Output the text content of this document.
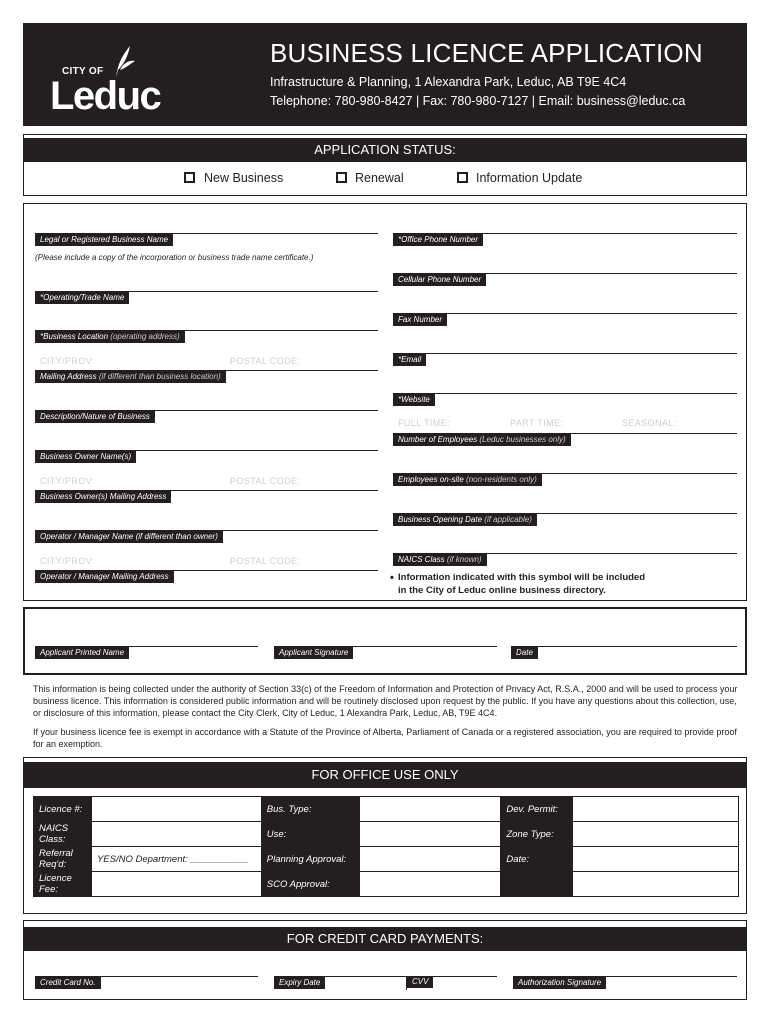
CITY OF
Leduc
BUSINESS LICENCE APPLICATION
Infrastructure & Planning, 1 Alexandra Park, Leduc, AB T9E 4C4
Telephone: 780-980-8427 | Fax: 780-980-7127 | Email: business@leduc.ca
APPLICATION STATUS:
New Business	Renewal	Information Update
Legal or Registered Business Name
(Please include a copy of the incorporation or business trade name certificate.)
*Operating/Trade Name
*Business Location (operating address)
CITY/PROV:	POSTAL CODE:
Mailing Address (if different than business location)
Description/Nature of Business
Business Owner Name(s)
CITY/PROV:	POSTAL CODE:
Business Owner(s) Mailing Address
Operator / Manager Name (if different than owner)
CITY/PROV:	POSTAL CODE:
Operator / Manager Mailing Address
*Office Phone Number
Cellular Phone Number
Fax Number
*Email
*Website
FULL TIME:	PART TIME:	SEASONAL:
Number of Employees (Leduc businesses only)
Employees on-site (non-residents only)
Business Opening Date (if applicable)
NAICS Class (if known)
• Information indicated with this symbol will be included
in the City of Leduc online business directory.
Applicant Printed Name	Applicant Signature	Date
This information is being collected under the authority of Section 33(c) of the Freedom of Information and Protection of Privacy Act, R.S.A., 2000 and will be used to process your business licence. This information is considered public information and will be routinely disclosed upon request by the public. If you have any questions about this collection, use, or disclosure of this information, please contact the City Clerk, City of Leduc, 1 Alexandra Park, Leduc, AB, T9E 4C4.
If your business licence fee is exempt in accordance with a Statute of the Province of Alberta, Parliament of Canada or a registered association, you are required to provide proof for an exemption.
FOR OFFICE USE ONLY
Licence #:		Bus. Type:		Dev. Permit:	
NAICS Class:		Use:		Zone Type:	
Referral Req'd:	YES/NO Department: ___________	Planning Approval:		Date:	
Licence Fee:		SCO Approval:			
FOR CREDIT CARD PAYMENTS:
Credit Card No.	Expiry Date	CVV	Authorization Signature
